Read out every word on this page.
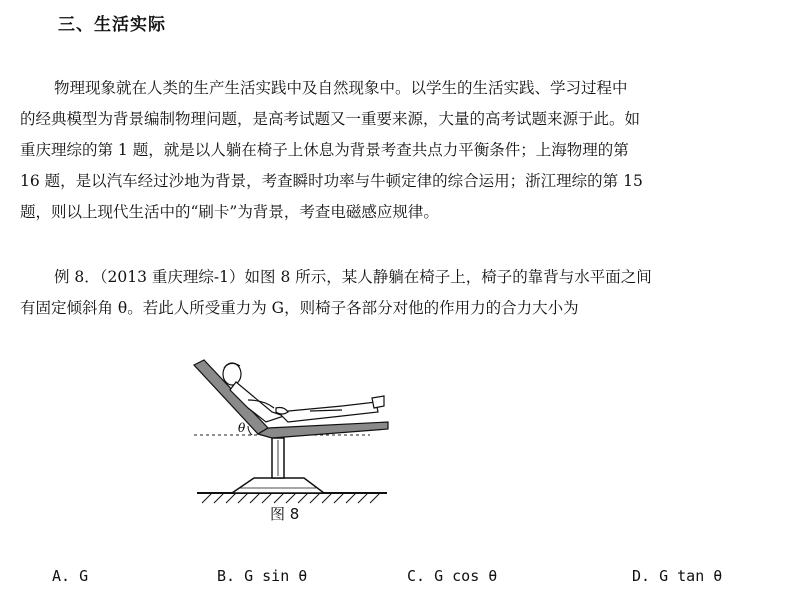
三、生活实际
物理现象就在人类的生产生活实践中及自然现象中。以学生的生活实践、学习过程中
的经典模型为背景编制物理问题，是高考试题又一重要来源，大量的高考试题来源于此。如
重庆理综的第 1 题，就是以人躺在椅子上休息为背景考查共点力平衡条件；上海物理的第
16 题，是以汽车经过沙地为背景，考查瞬时功率与牛顿定律的综合运用；浙江理综的第 15
题，则以上现代生活中的“刷卡”为背景，考查电磁感应规律。
例 8．（2013 重庆理综-1）如图 8 所示，某人静躺在椅子上，椅子的靠背与水平面之间
有固定倾斜角 θ。若此人所受重力为 G，则椅子各部分对他的作用力的合力大小为
θ
图 8
A. G	B. G sin θ	C. G cos θ	D. G tan θ
